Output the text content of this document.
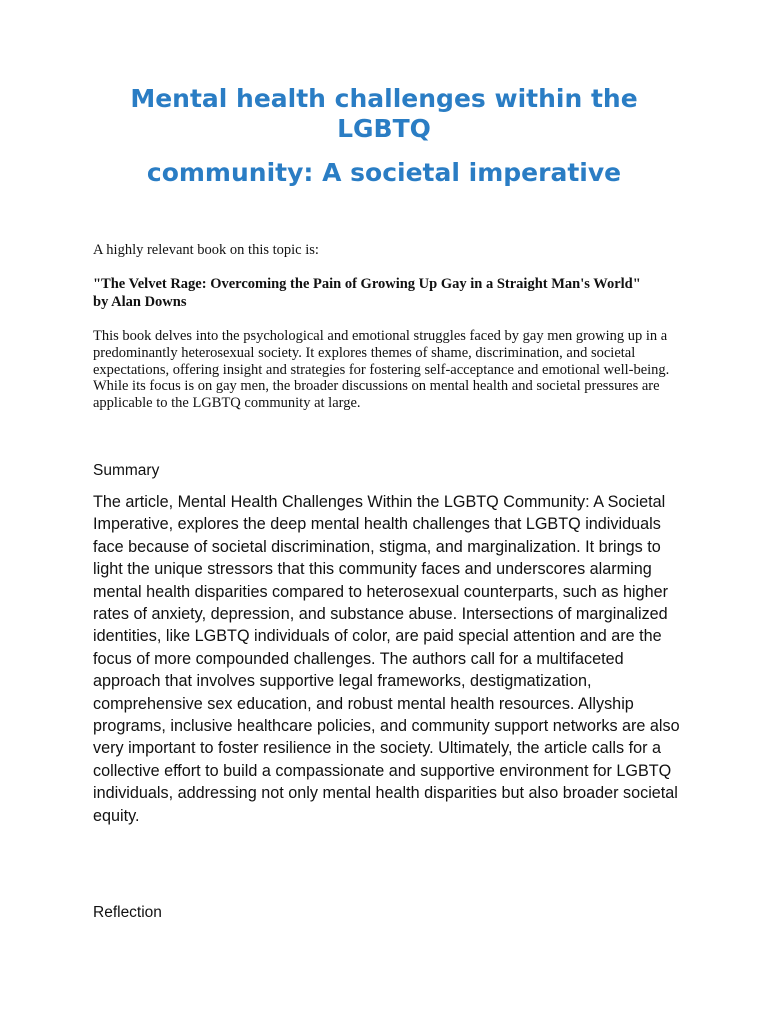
Mental health challenges within the
LGBTQ
community: A societal imperative

A highly relevant book on this topic is:

"The Velvet Rage: Overcoming the Pain of Growing Up Gay in a Straight Man's World" by Alan Downs

This book delves into the psychological and emotional struggles faced by gay men growing up in a predominantly heterosexual society. It explores themes of shame, discrimination, and societal expectations, offering insight and strategies for fostering self-acceptance and emotional well-being. While its focus is on gay men, the broader discussions on mental health and societal pressures are applicable to the LGBTQ community at large.

Summary

The article, Mental Health Challenges Within the LGBTQ Community: A Societal Imperative, explores the deep mental health challenges that LGBTQ individuals face because of societal discrimination, stigma, and marginalization. It brings to light the unique stressors that this community faces and underscores alarming mental health disparities compared to heterosexual counterparts, such as higher rates of anxiety, depression, and substance abuse. Intersections of marginalized identities, like LGBTQ individuals of color, are paid special attention and are the focus of more compounded challenges. The authors call for a multifaceted approach that involves supportive legal frameworks, destigmatization, comprehensive sex education, and robust mental health resources. Allyship programs, inclusive healthcare policies, and community support networks are also very important to foster resilience in the society. Ultimately, the article calls for a collective effort to build a compassionate and supportive environment for LGBTQ individuals, addressing not only mental health disparities but also broader societal equity.

Reflection
